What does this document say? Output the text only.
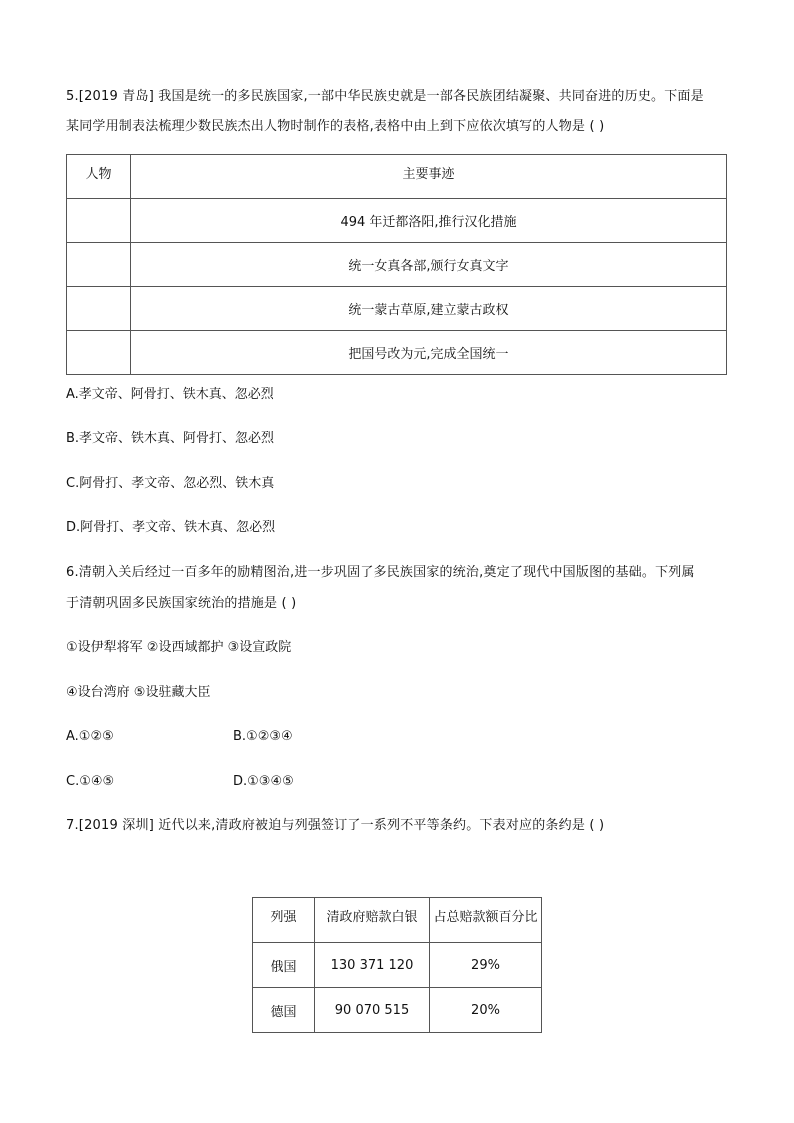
5.[2019 青岛] 我国是统一的多民族国家,一部中华民族史就是一部各民族团结凝聚、共同奋进的历史。下面是
某同学用制表法梳理少数民族杰出人物时制作的表格,表格中由上到下应依次填写的人物是 ( )
人物	主要事迹
	494 年迁都洛阳,推行汉化措施
	统一女真各部,颁行女真文字
	统一蒙古草原,建立蒙古政权
	把国号改为元,完成全国统一
A.孝文帝、阿骨打、铁木真、忽必烈
B.孝文帝、铁木真、阿骨打、忽必烈
C.阿骨打、孝文帝、忽必烈、铁木真
D.阿骨打、孝文帝、铁木真、忽必烈
6.清朝入关后经过一百多年的励精图治,进一步巩固了多民族国家的统治,奠定了现代中国版图的基础。下列属
于清朝巩固多民族国家统治的措施是 ( )
①设伊犁将军 ②设西域都护 ③设宣政院
④设台湾府 ⑤设驻藏大臣
A.①②⑤	B.①②③④
C.①④⑤	D.①③④⑤
7.[2019 深圳] 近代以来,清政府被迫与列强签订了一系列不平等条约。下表对应的条约是 ( )
列强	清政府赔款白银	占总赔款额百分比
俄国	130 371 120	29%
德国	90 070 515	20%
